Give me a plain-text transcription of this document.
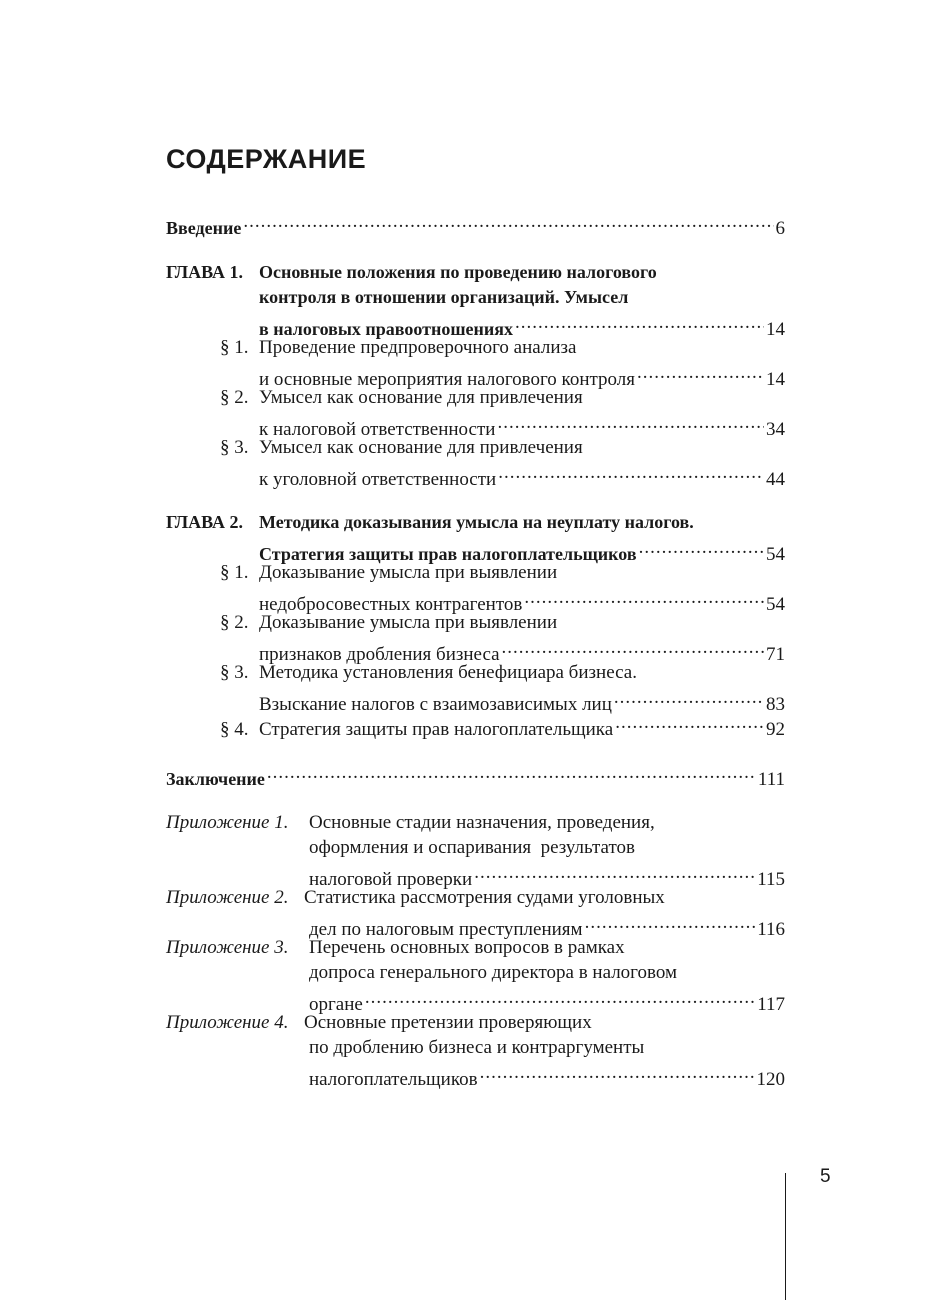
СОДЕРЖАНИЕ
Введение .....	6
ГЛАВА 1. Основные положения по проведению налогового
контроля в отношении организаций. Умысел
в налоговых правоотношениях .....	14
§ 1. Проведение предпроверочного анализа
и основные мероприятия налогового контроля .....	14
§ 2. Умысел как основание для привлечения
к налоговой ответственности .....	34
§ 3. Умысел как основание для привлечения
к уголовной ответственности .....	44
ГЛАВА 2. Методика доказывания умысла на неуплату налогов.
Стратегия защиты прав налогоплательщиков .....	54
§ 1. Доказывание умысла при выявлении
недобросовестных контрагентов .....	54
§ 2. Доказывание умысла при выявлении
признаков дробления бизнеса .....	71
§ 3. Методика установления бенефициара бизнеса.
Взыскание налогов с взаимозависимых лиц .....	83
§ 4. Стратегия защиты прав налогоплательщика .....	92
Заключение .....	111
Приложение 1.	Основные стадии назначения, проведения,
оформления и оспаривания  результатов
налоговой проверки .....	115
Приложение 2. Статистика рассмотрения судами уголовных
дел по налоговым преступлениям .....	116
Приложение 3.	Перечень основных вопросов в рамках
допроса генерального директора в налоговом
органе .....	117
Приложение 4. Основные претензии проверяющих
по дроблению бизнеса и контраргументы
налогоплательщиков .....	120
5
